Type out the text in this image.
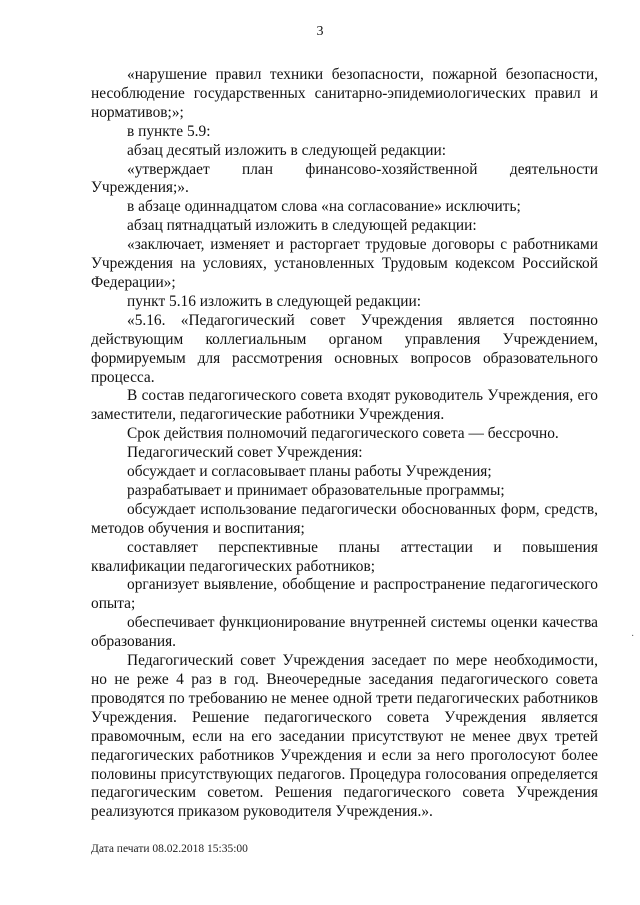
3

«нарушение правил техники безопасности, пожарной безопасности, несоблюдение государственных санитарно-эпидемиологических правил и нормативов;»;

в пункте 5.9:

абзац десятый изложить в следующей редакции:

«утверждает план финансово-хозяйственной деятельности Учреждения;».

в абзаце одиннадцатом слова «на согласование» исключить;

абзац пятнадцатый изложить в следующей редакции:

«заключает, изменяет и расторгает трудовые договоры с работниками Учреждения на условиях, установленных Трудовым кодексом Российской Федерации»;

пункт 5.16 изложить в следующей редакции:

«5.16. «Педагогический совет Учреждения является постоянно действующим коллегиальным органом управления Учреждением, формируемым для рассмотрения основных вопросов образовательного процесса.

В состав педагогического совета входят руководитель Учреждения, его заместители, педагогические работники Учреждения.

Срок действия полномочий педагогического совета — бессрочно.

Педагогический совет Учреждения:

обсуждает и согласовывает планы работы Учреждения;

разрабатывает и принимает образовательные программы;

обсуждает использование педагогически обоснованных форм, средств, методов обучения и воспитания;

составляет перспективные планы аттестации и повышения квалификации педагогических работников;

организует выявление, обобщение и распространение педагогического опыта;

обеспечивает функционирование внутренней системы оценки качества образования.

Педагогический совет Учреждения заседает по мере необходимости, но не реже 4 раз в год. Внеочередные заседания педагогического совета проводятся по требованию не менее одной трети педагогических работников Учреждения. Решение педагогического совета Учреждения является правомочным, если на его заседании присутствуют не менее двух третей педагогических работников Учреждения и если за него проголосуют более половины присутствующих педагогов. Процедура голосования определяется педагогическим советом. Решения педагогического совета Учреждения реализуются приказом руководителя Учреждения.».

·
Дата печати 08.02.2018 15:35:00
